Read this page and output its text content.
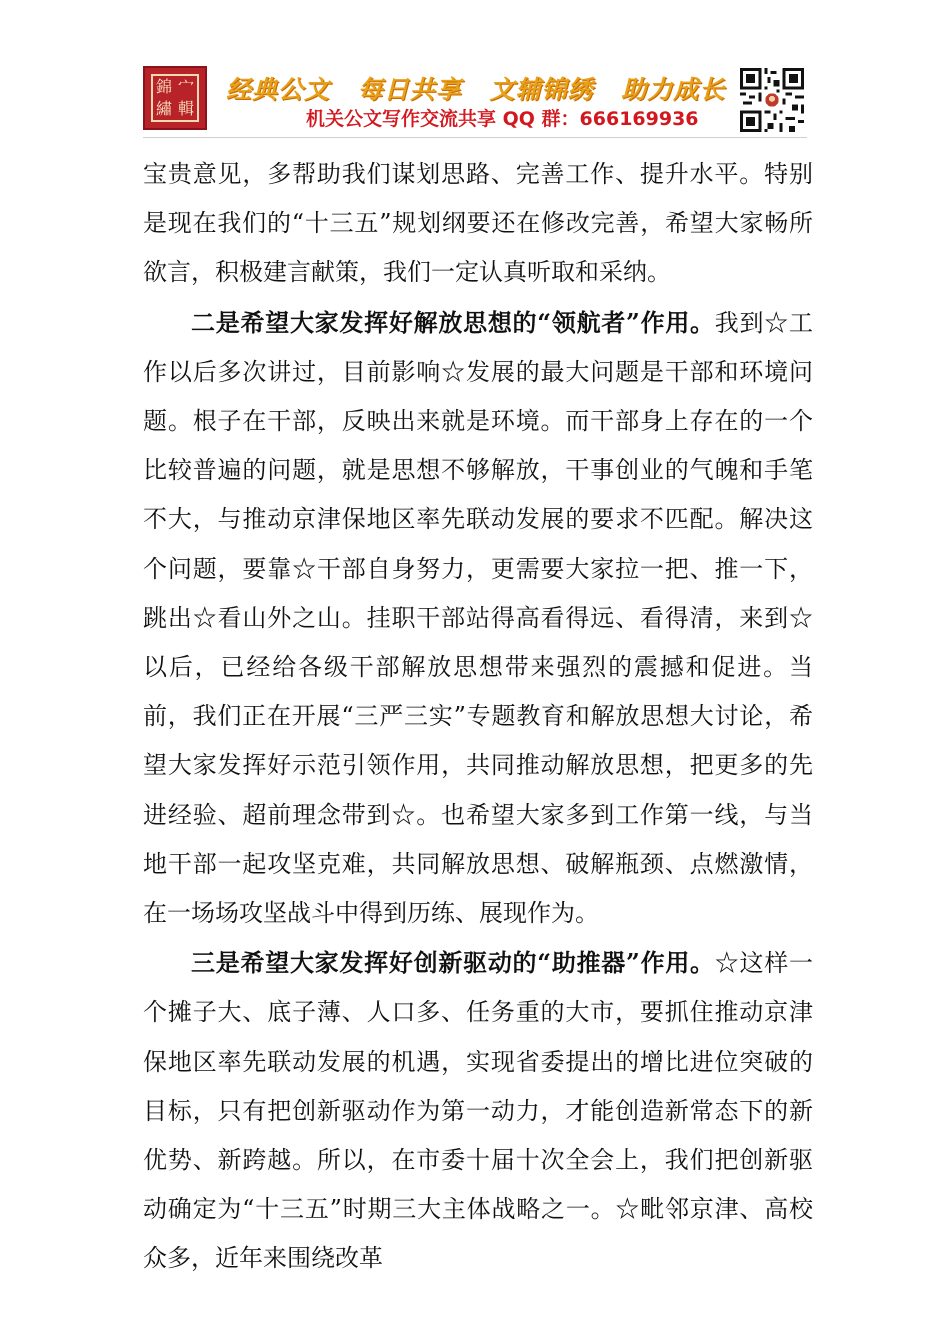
錦 宀
繡 輯
经典公文 每日共享 文辅锦绣 助力成长
机关公文写作交流共享 QQ 群：666169936

宝贵意见，多帮助我们谋划思路、完善工作、提升水平。特别是现在我们的“十三五”规划纲要还在修改完善，希望大家畅所欲言，积极建言献策，我们一定认真听取和采纳。

二是希望大家发挥好解放思想的“领航者”作用。我到☆工作以后多次讲过，目前影响☆发展的最大问题是干部和环境问题。根子在干部，反映出来就是环境。而干部身上存在的一个比较普遍的问题，就是思想不够解放，干事创业的气魄和手笔不大，与推动京津保地区率先联动发展的要求不匹配。解决这个问题，要靠☆干部自身努力，更需要大家拉一把、推一下，跳出☆看山外之山。挂职干部站得高看得远、看得清，来到☆以后，已经给各级干部解放思想带来强烈的震撼和促进。当前，我们正在开展“三严三实”专题教育和解放思想大讨论，希望大家发挥好示范引领作用，共同推动解放思想，把更多的先进经验、超前理念带到☆。也希望大家多到工作第一线，与当地干部一起攻坚克难，共同解放思想、破解瓶颈、点燃激情，在一场场攻坚战斗中得到历练、展现作为。

三是希望大家发挥好创新驱动的“助推器”作用。☆这样一个摊子大、底子薄、人口多、任务重的大市，要抓住推动京津保地区率先联动发展的机遇，实现省委提出的增比进位突破的目标，只有把创新驱动作为第一动力，才能创造新常态下的新优势、新跨越。所以，在市委十届十次全会上，我们把创新驱动确定为“十三五”时期三大主体战略之一。☆毗邻京津、高校众多，近年来围绕改革
